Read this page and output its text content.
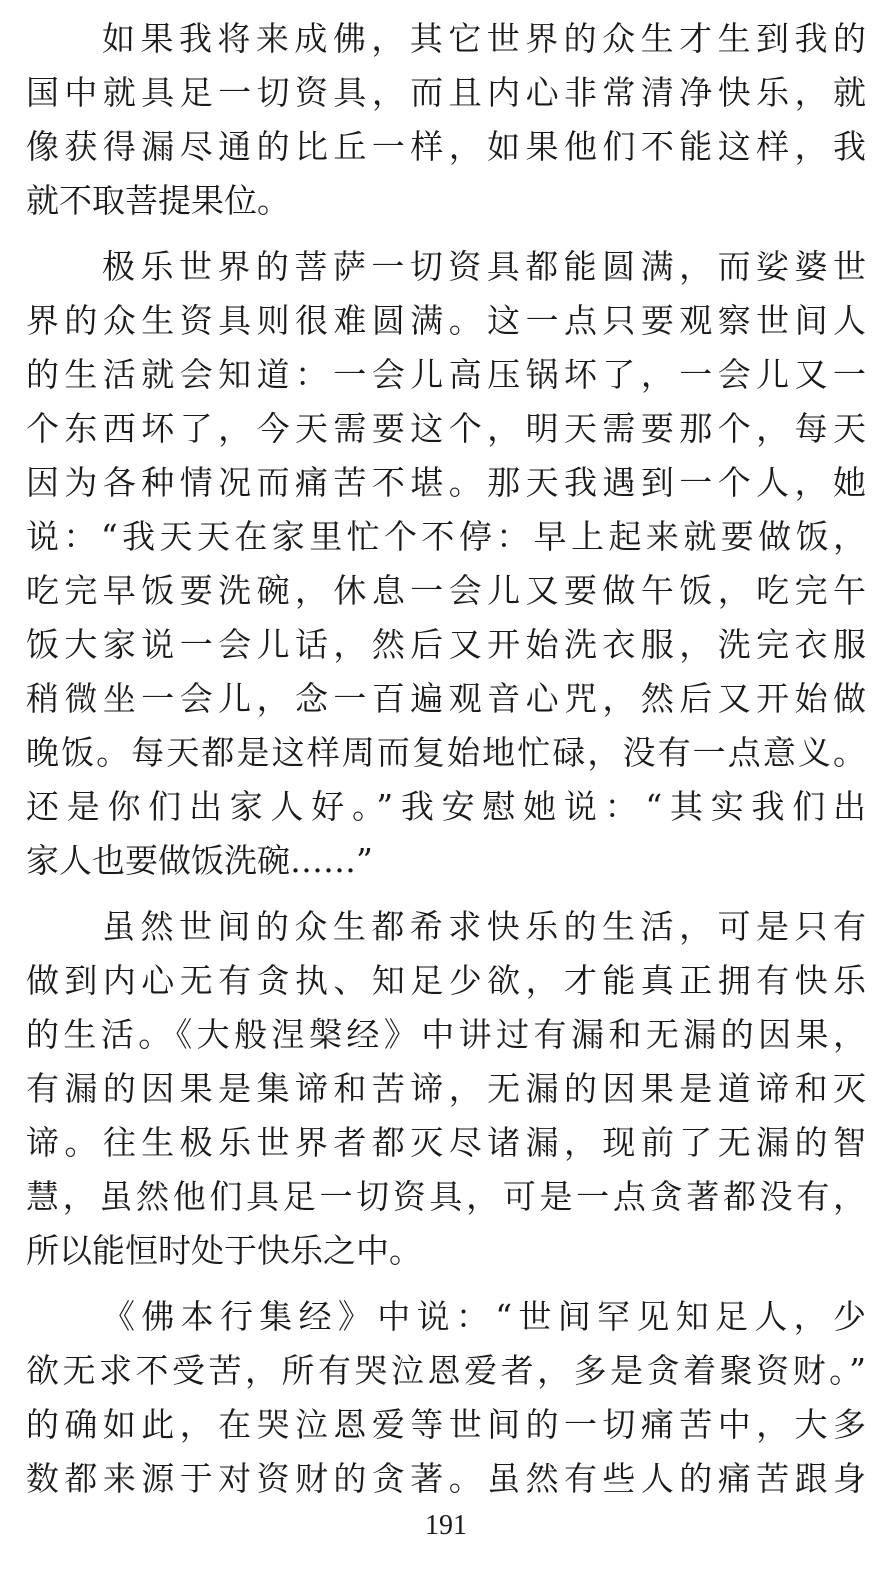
如果我将来成佛，其它世界的众生才生到我的
国中就具足一切资具，而且内心非常清净快乐，就
像获得漏尽通的比丘一样，如果他们不能这样，我
就不取菩提果位。
极乐世界的菩萨一切资具都能圆满，而娑婆世
界的众生资具则很难圆满。这一点只要观察世间人
的生活就会知道：一会儿高压锅坏了，一会儿又一
个东西坏了，今天需要这个，明天需要那个，每天
因为各种情况而痛苦不堪。那天我遇到一个人，她
说：“我天天在家里忙个不停：早上起来就要做饭，
吃完早饭要洗碗，休息一会儿又要做午饭，吃完午
饭大家说一会儿话，然后又开始洗衣服，洗完衣服
稍微坐一会儿，念一百遍观音心咒，然后又开始做
晚饭。每天都是这样周而复始地忙碌，没有一点意义。
还是你们出家人好。”我安慰她说：“其实我们出
家人也要做饭洗碗……”
虽然世间的众生都希求快乐的生活，可是只有
做到内心无有贪执、知足少欲，才能真正拥有快乐
的生活。《大般涅槃经》中讲过有漏和无漏的因果，
有漏的因果是集谛和苦谛，无漏的因果是道谛和灭
谛。往生极乐世界者都灭尽诸漏，现前了无漏的智
慧，虽然他们具足一切资具，可是一点贪著都没有，
所以能恒时处于快乐之中。
《佛本行集经》中说：“世间罕见知足人，少
欲无求不受苦，所有哭泣恩爱者，多是贪着聚资财。”
的确如此，在哭泣恩爱等世间的一切痛苦中，大多
数都来源于对资财的贪著。虽然有些人的痛苦跟身
191
